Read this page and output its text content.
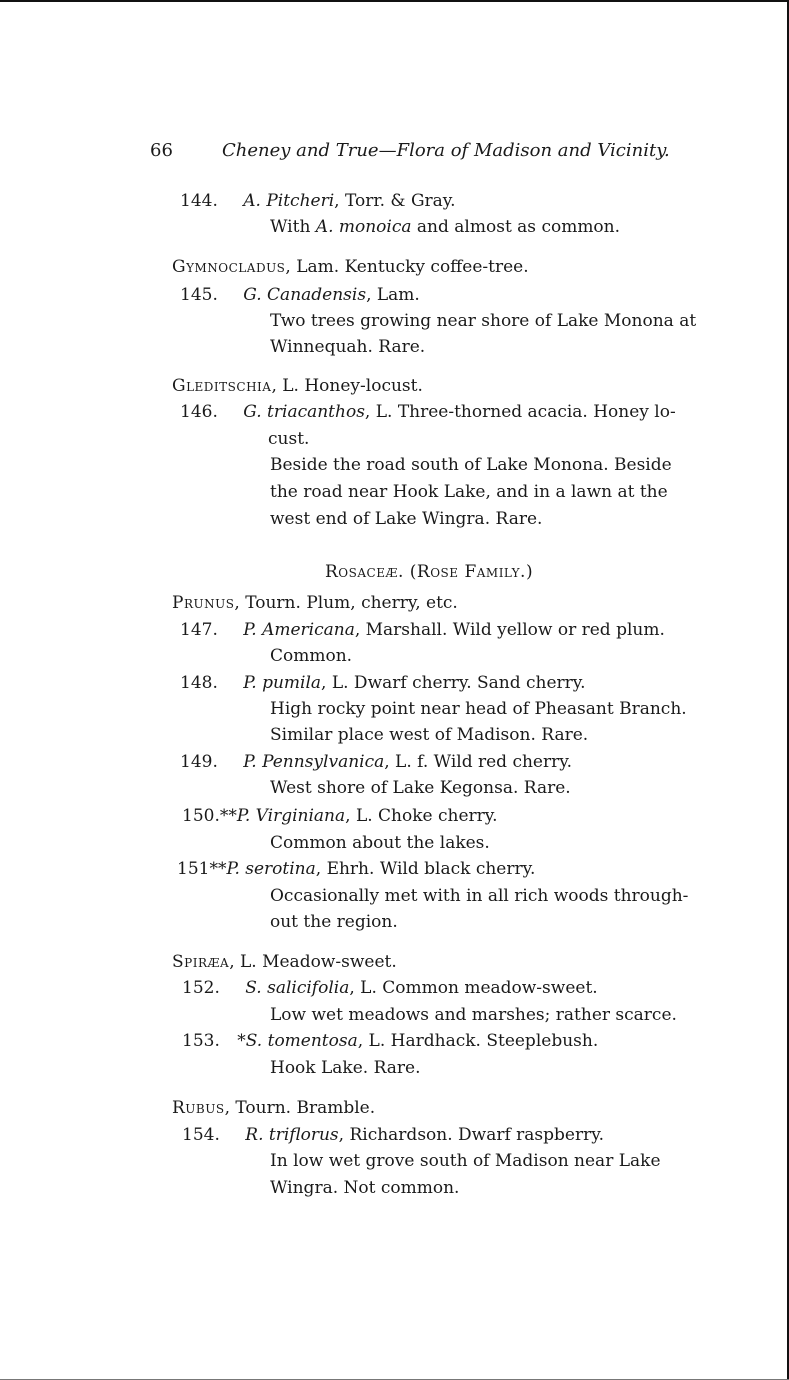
66	Cheney and True—Flora of Madison and Vicinity.
144. A. Pitcheri, Torr. & Gray.
With A. monoica and almost as common.
Gymnocladus, Lam. Kentucky coffee-tree.
145. G. Canadensis, Lam.
Two trees growing near shore of Lake Monona at
Winnequah. Rare.
Gleditschia, L. Honey-locust.
146. G. triacanthos, L. Three-thorned acacia. Honey lo-
cust.
Beside the road south of Lake Monona. Beside
the road near Hook Lake, and in a lawn at the
west end of Lake Wingra. Rare.
Rosaceæ. (Rose Family.)
Prunus, Tourn. Plum, cherry, etc.
147. P. Americana, Marshall. Wild yellow or red plum.
Common.
148. P. pumila, L. Dwarf cherry. Sand cherry.
High rocky point near head of Pheasant Branch.
Similar place west of Madison. Rare.
149. P. Pennsylvanica, L. f. Wild red cherry.
West shore of Lake Kegonsa. Rare.
150.**P. Virginiana, L. Choke cherry.
Common about the lakes.
151**P. serotina, Ehrh. Wild black cherry.
Occasionally met with in all rich woods through-
out the region.
Spiræa, L. Meadow-sweet.
152. S. salicifolia, L. Common meadow-sweet.
Low wet meadows and marshes; rather scarce.
153. *S. tomentosa, L. Hardhack. Steeplebush.
Hook Lake. Rare.
Rubus, Tourn. Bramble.
154. R. triflorus, Richardson. Dwarf raspberry.
In low wet grove south of Madison near Lake
Wingra. Not common.
